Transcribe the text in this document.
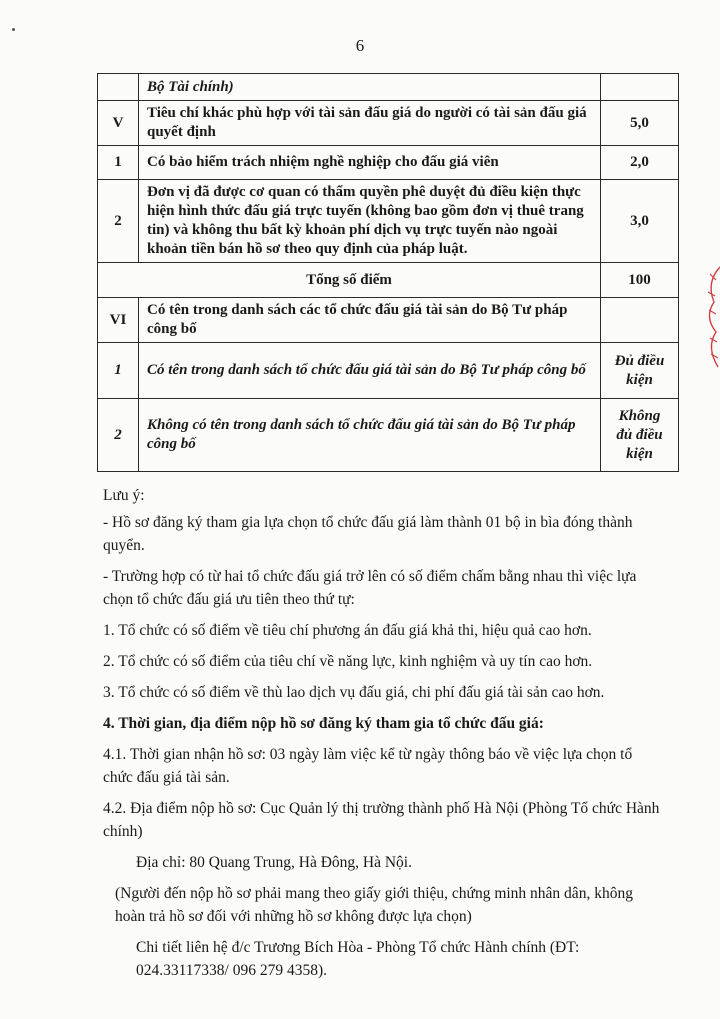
6
	Bộ Tài chính)	
V	Tiêu chí khác phù hợp với tài sản đấu giá do người có tài sản đấu giá quyết định	5,0
1	Có bảo hiểm trách nhiệm nghề nghiệp cho đấu giá viên	2,0
2	Đơn vị đã được cơ quan có thẩm quyền phê duyệt đủ điều kiện thực hiện hình thức đấu giá trực tuyến (không bao gồm đơn vị thuê trang tin) và không thu bất kỳ khoản phí dịch vụ trực tuyến nào ngoài khoản tiền bán hồ sơ theo quy định của pháp luật.	3,0
Tổng số điểm		100
VI	Có tên trong danh sách các tổ chức đấu giá tài sản do Bộ Tư pháp công bố	
1	Có tên trong danh sách tổ chức đấu giá tài sản do Bộ Tư pháp công bố	Đủ điều kiện
2	Không có tên trong danh sách tổ chức đấu giá tài sản do Bộ Tư pháp công bố	Không đủ điều kiện

Lưu ý:

- Hồ sơ đăng ký tham gia lựa chọn tổ chức đấu giá làm thành 01 bộ in bìa đóng thành quyển.

- Trường hợp có từ hai tổ chức đấu giá trở lên có số điểm chấm bằng nhau thì việc lựa chọn tổ chức đấu giá ưu tiên theo thứ tự:

1. Tổ chức có số điểm về tiêu chí phương án đấu giá khả thi, hiệu quả cao hơn.

2. Tổ chức có số điểm của tiêu chí về năng lực, kinh nghiệm và uy tín cao hơn.

3. Tổ chức có số điểm về thù lao dịch vụ đấu giá, chi phí đấu giá tài sản cao hơn.

4. Thời gian, địa điểm nộp hồ sơ đăng ký tham gia tổ chức đấu giá:

4.1. Thời gian nhận hồ sơ: 03 ngày làm việc kể từ ngày thông báo về việc lựa chọn tổ chức đấu giá tài sản.

4.2. Địa điểm nộp hồ sơ: Cục Quản lý thị trường thành phố Hà Nội (Phòng Tổ chức Hành chính)

Địa chỉ: 80 Quang Trung, Hà Đông, Hà Nội.

(Người đến nộp hồ sơ phải mang theo giấy giới thiệu, chứng minh nhân dân, không hoàn trả hồ sơ đối với những hồ sơ không được lựa chọn)

Chi tiết liên hệ đ/c Trương Bích Hòa - Phòng Tổ chức Hành chính (ĐT: 024.33117338/ 096 279 4358).
